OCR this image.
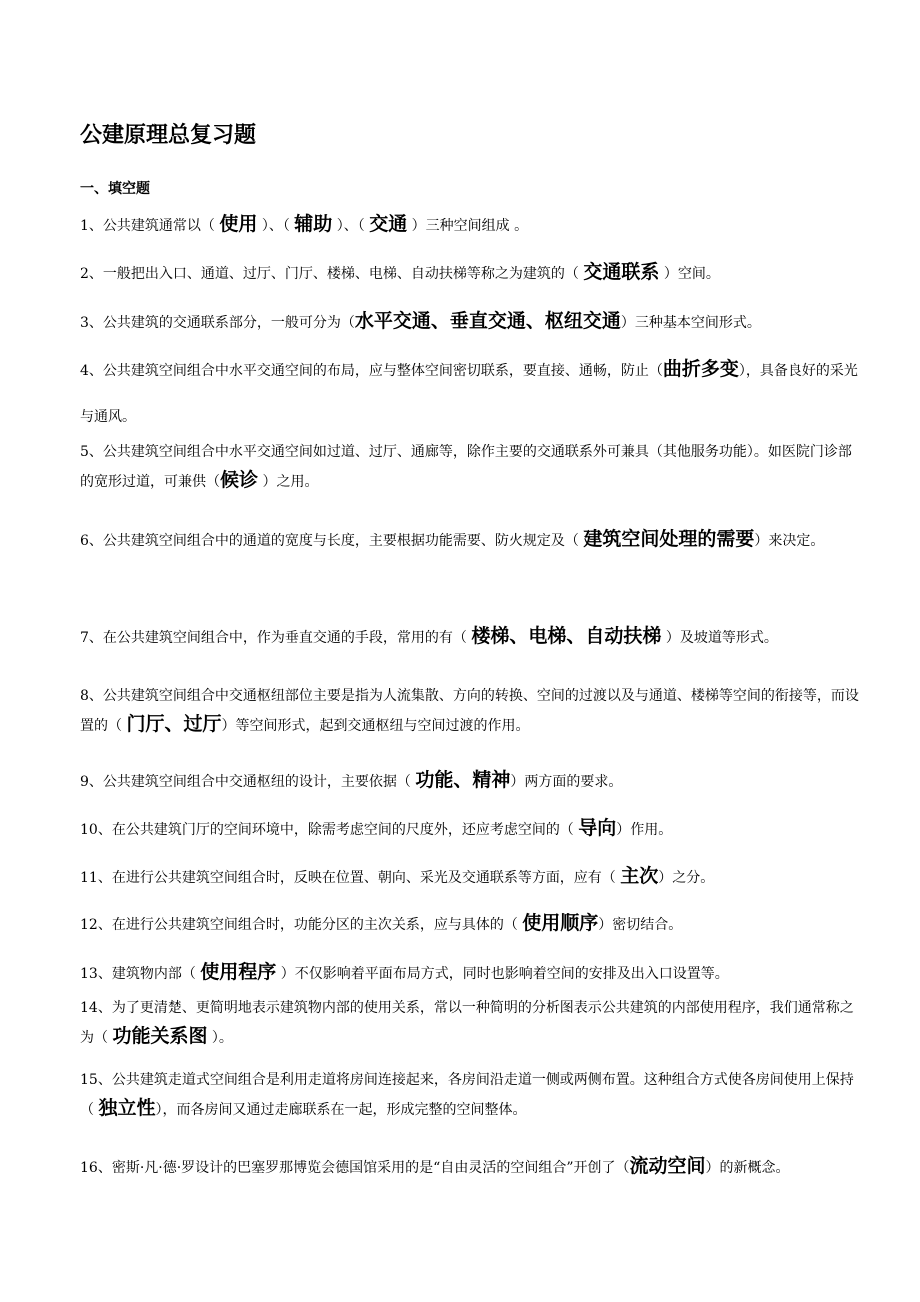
公建原理总复习题
一、填空题
1、公共建筑通常以（ 使用 ）、（ 辅助 ）、（ 交通 ）三种空间组成 。
2、一般把出入口、通道、过厅、门厅、楼梯、电梯、自动扶梯等称之为建筑的（ 交通联系 ）空间。
3、公共建筑的交通联系部分，一般可分为（水平交通、垂直交通、枢纽交通）三种基本空间形式。
4、公共建筑空间组合中水平交通空间的布局，应与整体空间密切联系，要直接、通畅，防止（曲折多变），具备良好的采光与通风。
5、公共建筑空间组合中水平交通空间如过道、过厅、通廊等，除作主要的交通联系外可兼具（其他服务功能）。如医院门诊部的宽形过道，可兼供（候诊 ）之用。
6、公共建筑空间组合中的通道的宽度与长度，主要根据功能需要、防火规定及（ 建筑空间处理的需要）来决定。
7、在公共建筑空间组合中，作为垂直交通的手段，常用的有（ 楼梯、电梯、自动扶梯 ）及坡道等形式。
8、公共建筑空间组合中交通枢纽部位主要是指为人流集散、方向的转换、空间的过渡以及与通道、楼梯等空间的衔接等，而设置的（ 门厅、过厅）等空间形式，起到交通枢纽与空间过渡的作用。
9、公共建筑空间组合中交通枢纽的设计，主要依据（ 功能、精神）两方面的要求。
10、在公共建筑门厅的空间环境中，除需考虑空间的尺度外，还应考虑空间的（ 导向）作用。
11、在进行公共建筑空间组合时，反映在位置、朝向、采光及交通联系等方面，应有（ 主次）之分。
12、在进行公共建筑空间组合时，功能分区的主次关系，应与具体的（ 使用顺序）密切结合。
13、建筑物内部（ 使用程序 ）不仅影响着平面布局方式，同时也影响着空间的安排及出入口设置等。
14、为了更清楚、更简明地表示建筑物内部的使用关系，常以一种简明的分析图表示公共建筑的内部使用程序，我们通常称之为（ 功能关系图 ）。
15、公共建筑走道式空间组合是利用走道将房间连接起来，各房间沿走道一侧或两侧布置。这种组合方式使各房间使用上保持（ 独立性），而各房间又通过走廊联系在一起，形成完整的空间整体。
16、密斯·凡·德·罗设计的巴塞罗那博览会德国馆采用的是“自由灵活的空间组合”开创了（流动空间）的新概念。
